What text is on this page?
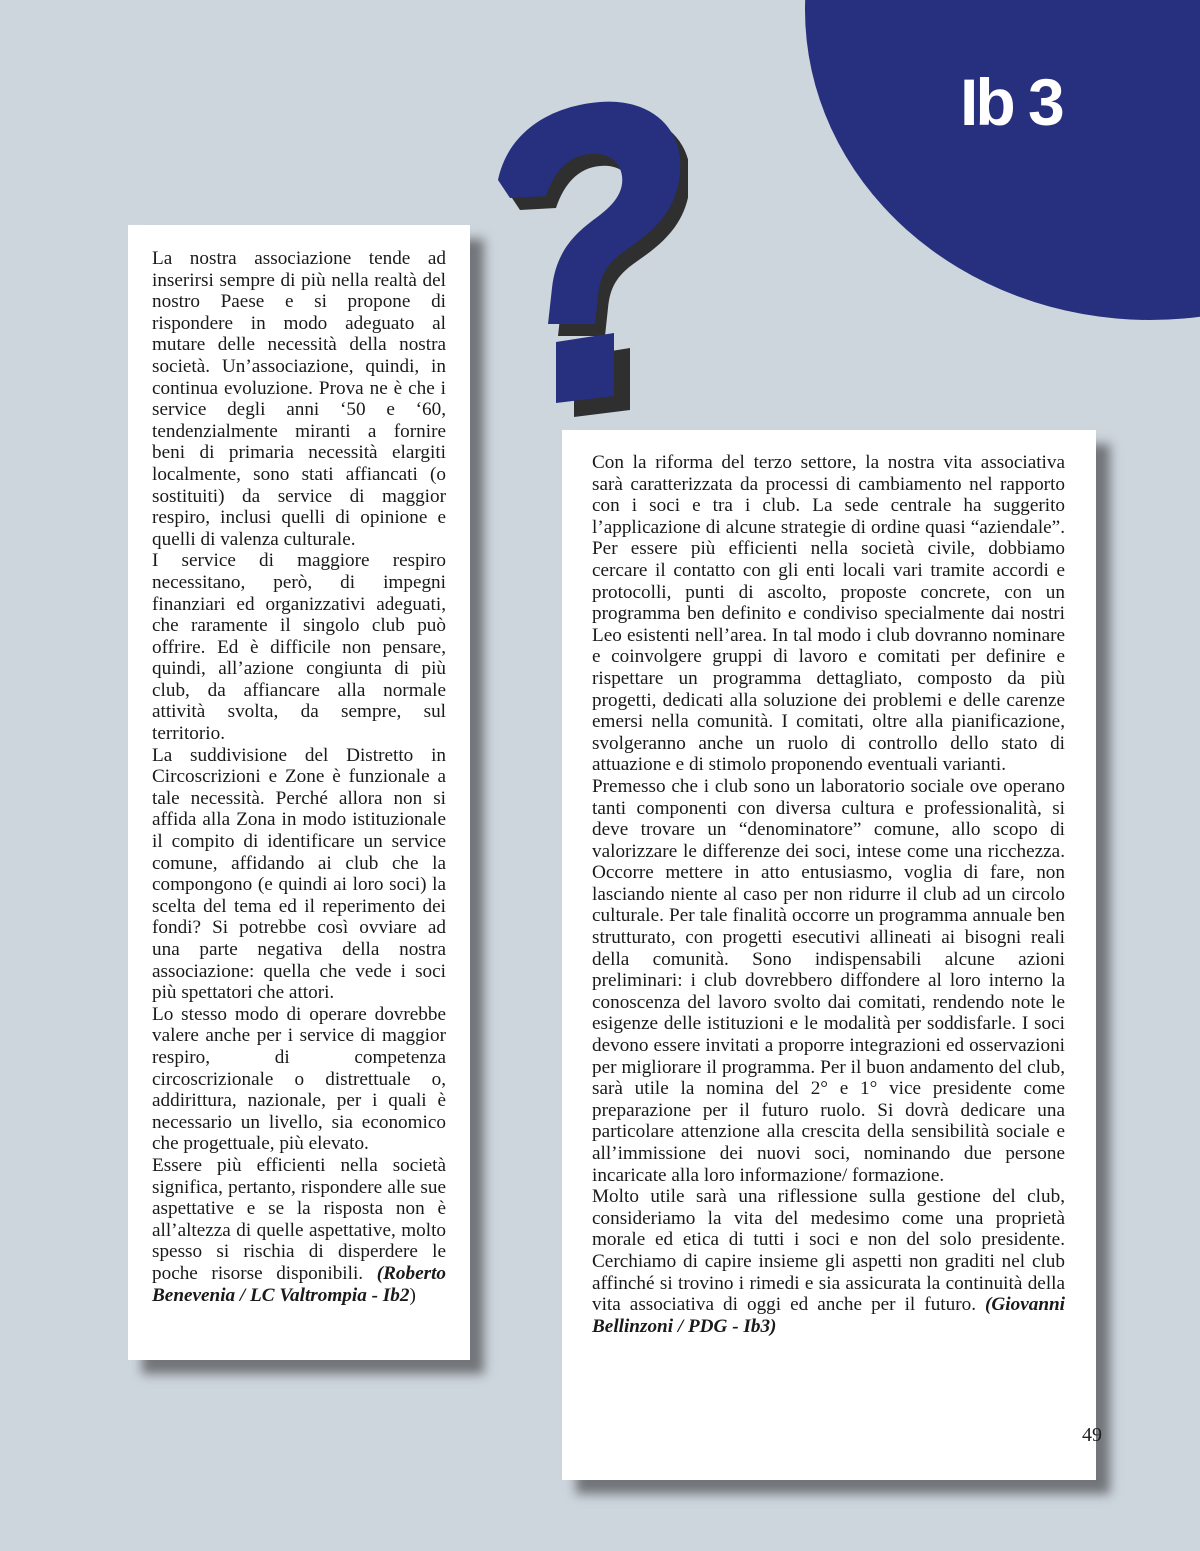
Ib 3

La nostra associazione tende ad inserirsi sempre di più nella realtà del nostro Paese e si propone di rispondere in modo adeguato al mutare delle necessità della nostra società. Un’associazione, quindi, in continua evoluzione. Prova ne è che i service degli anni ‘50 e ‘60, tendenzialmente miranti a fornire beni di primaria necessità elargiti localmente, sono stati affiancati (o sostituiti) da service di maggior respiro, inclusi quelli di opinione e quelli di valenza culturale.

I service di maggiore respiro necessitano, però, di impegni finanziari ed organizzativi adeguati, che raramente il singolo club può offrire. Ed è difficile non pensare, quindi, all’azione congiunta di più club, da affiancare alla normale attività svolta, da sempre, sul territorio.

La suddivisione del Distretto in Circoscrizioni e Zone è funzionale a tale necessità. Perché allora non si affida alla Zona in modo istituzionale il compito di identificare un service comune, affidando ai club che la compongono (e quindi ai loro soci) la scelta del tema ed il reperimento dei fondi? Si potrebbe così ovviare ad una parte negativa della nostra associazione: quella che vede i soci più spettatori che attori.

Lo stesso modo di operare dovrebbe valere anche per i service di maggior respiro, di competenza circoscrizionale o distrettuale o, addirittura, nazionale, per i quali è necessario un livello, sia economico che progettuale, più elevato.

Essere più efficienti nella società significa, pertanto, rispondere alle sue aspettative e se la risposta non è all’altezza di quelle aspettative, molto spesso si rischia di disperdere le poche risorse disponibili. (Roberto Benevenia / LC Valtrompia - Ib2)

Con la riforma del terzo settore, la nostra vita associativa sarà caratterizzata da processi di cambiamento nel rapporto con i soci e tra i club. La sede centrale ha suggerito l’applicazione di alcune strategie di ordine quasi “aziendale”. Per essere più efficienti nella società civile, dobbiamo cercare il contatto con gli enti locali vari tramite accordi e protocolli, punti di ascolto, proposte concrete, con un programma ben definito e condiviso specialmente dai nostri Leo esistenti nell’area. In tal modo i club dovranno nominare e coinvolgere gruppi di lavoro e comitati per definire e rispettare un programma dettagliato, composto da più progetti, dedicati alla soluzione dei problemi e delle carenze emersi nella comunità. I comitati, oltre alla pianificazione, svolgeranno anche un ruolo di controllo dello stato di attuazione e di stimolo proponendo eventuali varianti.

Premesso che i club sono un laboratorio sociale ove operano tanti componenti con diversa cultura e professionalità, si deve trovare un “denominatore” comune, allo scopo di valorizzare le differenze dei soci, intese come una ricchezza. Occorre mettere in atto entusiasmo, voglia di fare, non lasciando niente al caso per non ridurre il club ad un circolo culturale. Per tale finalità occorre un programma annuale ben strutturato, con progetti esecutivi allineati ai bisogni reali della comunità. Sono indispensabili alcune azioni preliminari: i club dovrebbero diffondere al loro interno la conoscenza del lavoro svolto dai comitati, rendendo note le esigenze delle istituzioni e le modalità per soddisfarle. I soci devono essere invitati a proporre integrazioni ed osservazioni per migliorare il programma. Per il buon andamento del club, sarà utile la nomina del 2° e 1° vice presidente come preparazione per il futuro ruolo. Si dovrà dedicare una particolare attenzione alla crescita della sensibilità sociale e all’immissione dei nuovi soci, nominando due persone incaricate alla loro informazione/ formazione.

Molto utile sarà una riflessione sulla gestione del club, consideriamo la vita del medesimo come una proprietà morale ed etica di tutti i soci e non del solo presidente. Cerchiamo di capire insieme gli aspetti non graditi nel club affinché si trovino i rimedi e sia assicurata la continuità della vita associativa di oggi ed anche per il futuro. (Giovanni Bellinzoni / PDG - Ib3)

49
